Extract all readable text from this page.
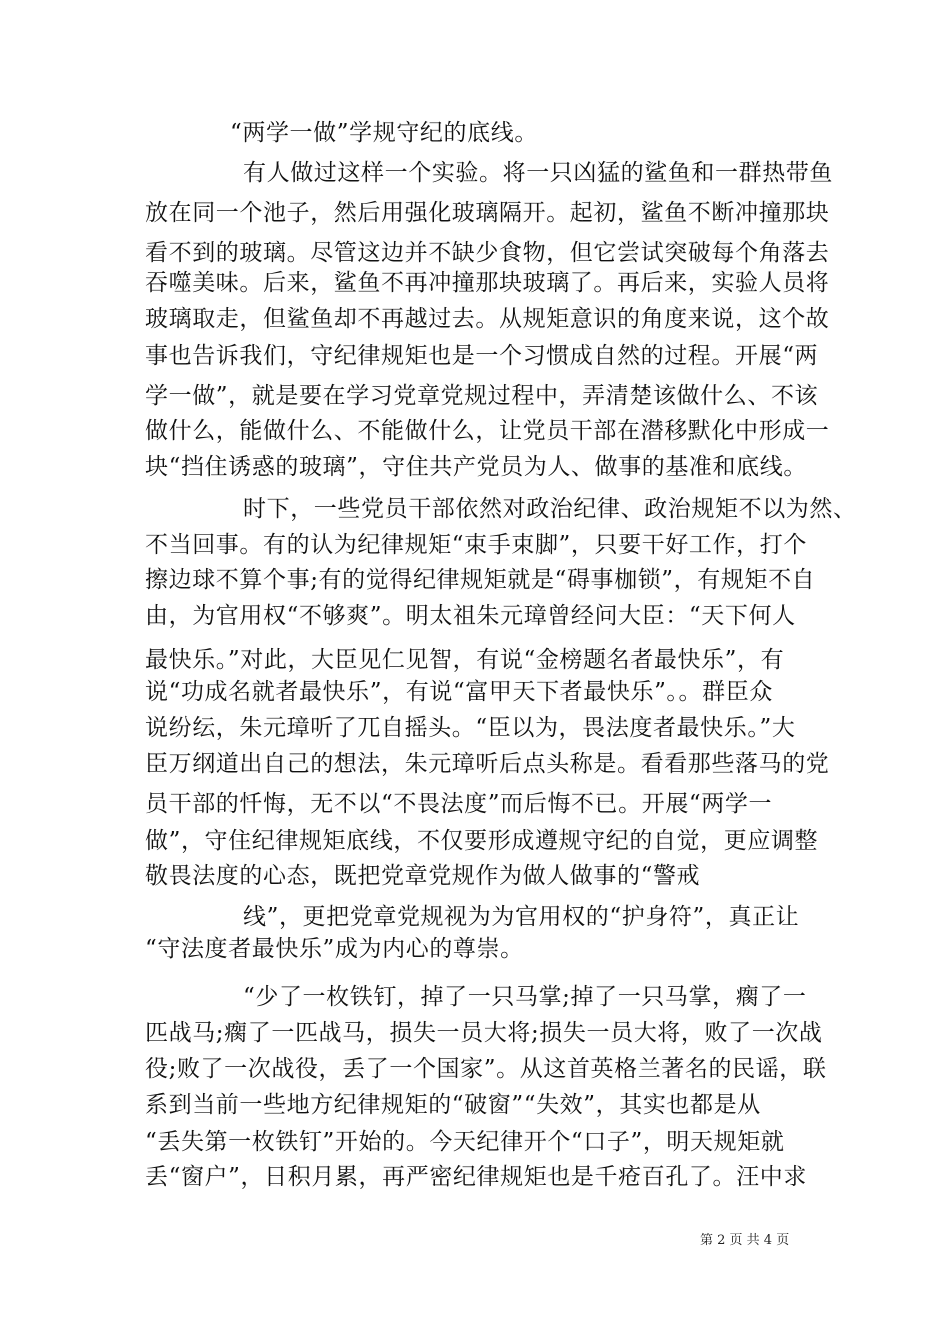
“两学一做”学规守纪的底线。
有人做过这样一个实验。将一只凶猛的鲨鱼和一群热带鱼
放在同一个池子，然后用强化玻璃隔开。起初，鲨鱼不断冲撞那块
看不到的玻璃。尽管这边并不缺少食物，但它尝试突破每个角落去
吞噬美味。后来，鲨鱼不再冲撞那块玻璃了。再后来，实验人员将
玻璃取走，但鲨鱼却不再越过去。从规矩意识的角度来说，这个故
事也告诉我们，守纪律规矩也是一个习惯成自然的过程。开展“两
学一做”，就是要在学习党章党规过程中，弄清楚该做什么、不该
做什么，能做什么、不能做什么，让党员干部在潜移默化中形成一
块“挡住诱惑的玻璃”，守住共产党员为人、做事的基准和底线。
时下，一些党员干部依然对政治纪律、政治规矩不以为然、
不当回事。有的认为纪律规矩“束手束脚”，只要干好工作，打个
擦边球不算个事;有的觉得纪律规矩就是“碍事枷锁”，有规矩不自
由，为官用权“不够爽”。明太祖朱元璋曾经问大臣：“天下何人
最快乐。”对此，大臣见仁见智，有说“金榜题名者最快乐”，有
说“功成名就者最快乐”，有说“富甲天下者最快乐”。。群臣众
说纷纭，朱元璋听了兀自摇头。“臣以为，畏法度者最快乐。”大
臣万纲道出自己的想法，朱元璋听后点头称是。看看那些落马的党
员干部的忏悔，无不以“不畏法度”而后悔不已。开展“两学一
做”，守住纪律规矩底线，不仅要形成遵规守纪的自觉，更应调整
敬畏法度的心态，既把党章党规作为做人做事的“警戒
线”，更把党章党规视为为官用权的“护身符”，真正让
“守法度者最快乐”成为内心的尊崇。
“少了一枚铁钉，掉了一只马掌;掉了一只马掌，瘸了一
匹战马;瘸了一匹战马，损失一员大将;损失一员大将，败了一次战
役;败了一次战役，丢了一个国家”。从这首英格兰著名的民谣，联
系到当前一些地方纪律规矩的“破窗”“失效”，其实也都是从
“丢失第一枚铁钉”开始的。今天纪律开个“口子”，明天规矩就
丢“窗户”，日积月累，再严密纪律规矩也是千疮百孔了。汪中求
第 2 页 共 4 页
